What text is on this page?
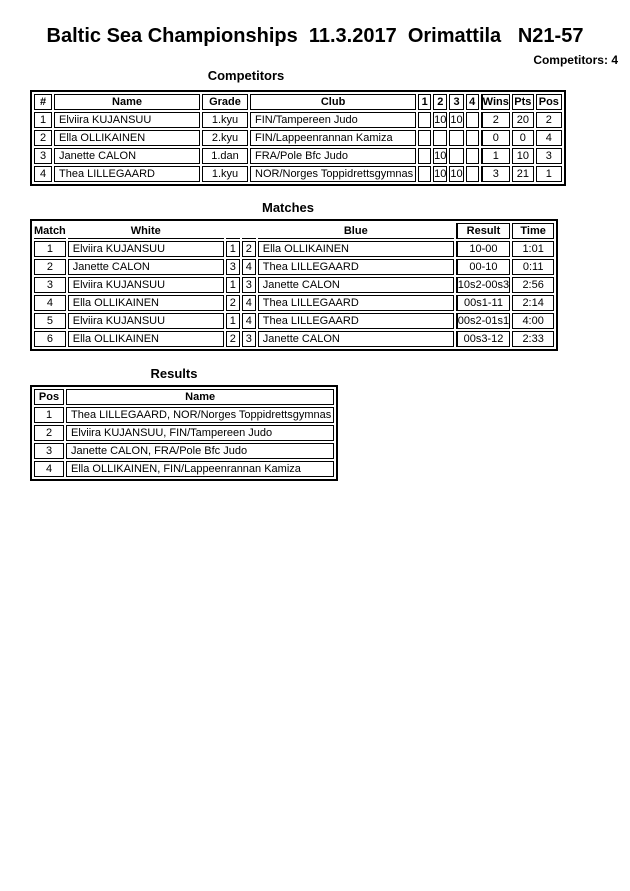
Baltic Sea Championships  11.3.2017  Orimattila   N21-57
Competitors: 4
Competitors
#	Name	Grade	Club	1	2	3	4	Wins	Pts	Pos
1	Elviira KUJANSUU	1.kyu	FIN/Tampereen Judo		10	10		2	20	2
2	Ella OLLIKAINEN	2.kyu	FIN/Lappeenrannan Kamiza					0	0	4
3	Janette CALON	1.dan	FRA/Pole Bfc Judo		10			1	10	3
4	Thea LILLEGAARD	1.kyu	NOR/Norges Toppidrettsgymnas		10	10		3	21	1
Matches
Match	White			Blue	Result	Time
1	Elviira KUJANSUU	1	2	Ella OLLIKAINEN	10-00	1:01
2	Janette CALON	3	4	Thea LILLEGAARD	00-10	0:11
3	Elviira KUJANSUU	1	3	Janette CALON	10s2-00s3	2:56
4	Ella OLLIKAINEN	2	4	Thea LILLEGAARD	00s1-11	2:14
5	Elviira KUJANSUU	1	4	Thea LILLEGAARD	00s2-01s1	4:00
6	Ella OLLIKAINEN	2	3	Janette CALON	00s3-12	2:33
Results
Pos	Name
1	Thea LILLEGAARD, NOR/Norges Toppidrettsgymnas
2	Elviira KUJANSUU, FIN/Tampereen Judo
3	Janette CALON, FRA/Pole Bfc Judo
4	Ella OLLIKAINEN, FIN/Lappeenrannan Kamiza
